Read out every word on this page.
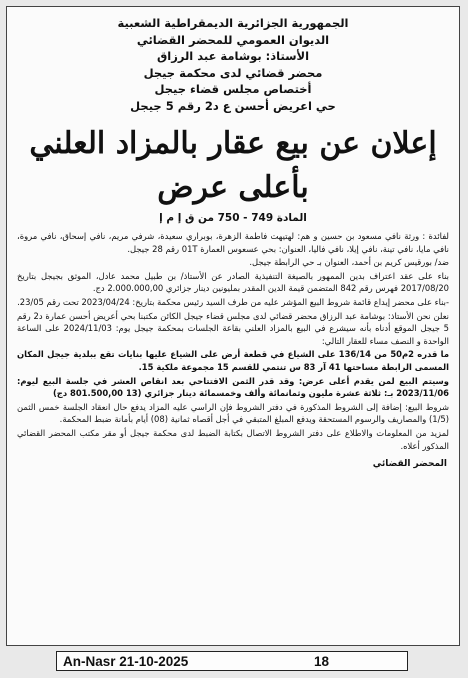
الجمهورية الجزائرية الديمقراطية الشعبية
الديوان العمومي للمحضر القضائي
الأستاذ: بوشامة عبد الرزاق
محضر قضائي لدى محكمة جيجل
أختصاص مجلس قضاء جيجل
حي اعريض أحسن ع د2 رقم 5 جيجل
إعلان عن بيع عقار بالمزاد العلني
بأعلى عرض
المادة 749 - 750 من ق إ م إ

لفائدة : ورثة نافي مسعود بن حسين و هم: لهتيهت فاطمة الزهرة، بوبراري سعيدة، شرفي مريم، نافي إسحاق، نافي مروة، نافي مايا، نافي تينة، نافي إيلا، نافي فاليا، العنوان: بحي عسعوس العمارة 01T رقم 28 جيجل.

ضد/ بورقيس كريم بن أحمد، العنوان بـ حي الرابطة جيجل.

بناء على عقد اعتراف بدين الممهور بالصيغة التنفيذية الصادر عن الأستاذ/ بن طبيل محمد عادل، الموثق بجيجل بتاريخ 2017/08/20 فهرس رقم 842 المتضمن قيمة الدين المقدر بمليونين دينار جزائري 2.000.000,00 دج.

-بناء على محضر إيداع قائمة شروط البيع المؤشر عليه من طرف السيد رئيس محكمة بتاريخ: 2023/04/24 تحت رقم 23/05.

نعلن نحن الأستاذ: بوشامة عبد الرزاق محضر قضائي لدى مجلس قضاء جيجل الكائن مكتبنا بحي أعريض أحسن عمارة د2 رقم 5 جيجل الموقع أدناه بأنه سيشرع في البيع بالمزاد العلني بقاعة الجلسات بمحكمة جيجل يوم: 2024/11/03 على الساعة الواحدة و النصف مساء للعقار التالي:

ما قدره 2م50 من 136/14 على الشياع في قطعة أرض على الشياع عليها بنايات تقع ببلدية جيجل المكان المسمى الرابطة مساحتها 41 آر 83 س تنتمي للقسم 15 مجموعة ملكية 15.

وسيتم البيع لمن يقدم أعلى عرض: وقد قدر الثمن الافتتاحي بعد انقاص العشر في جلسة البيع ليوم: 2023/11/06 بـ: ثلاثة عشرة مليون وثمانمائة وألف وخمسمائة دينار جزائري (13 801.500,00 دج)

شروط البيع: إضافة إلى الشروط المذكورة في دفتر الشروط فإن الراسي عليه المزاد يدفع حال انعقاد الجلسة خمس الثمن (1/5) والمصاريف والرسوم المستحقة ويدفع المبلغ المتبقي في أجل أقصاه ثمانية (08) أيام بأمانة ضبط المحكمة.

لمزيد من المعلومات والاطلاع على دفتر الشروط الاتصال بكتابة الضبط لدى محكمة جيجل أو مقر مكتب المحضر القضائي المذكور أعلاه.

المحضر القضائي
An-Nasr 21-10-2025	18
